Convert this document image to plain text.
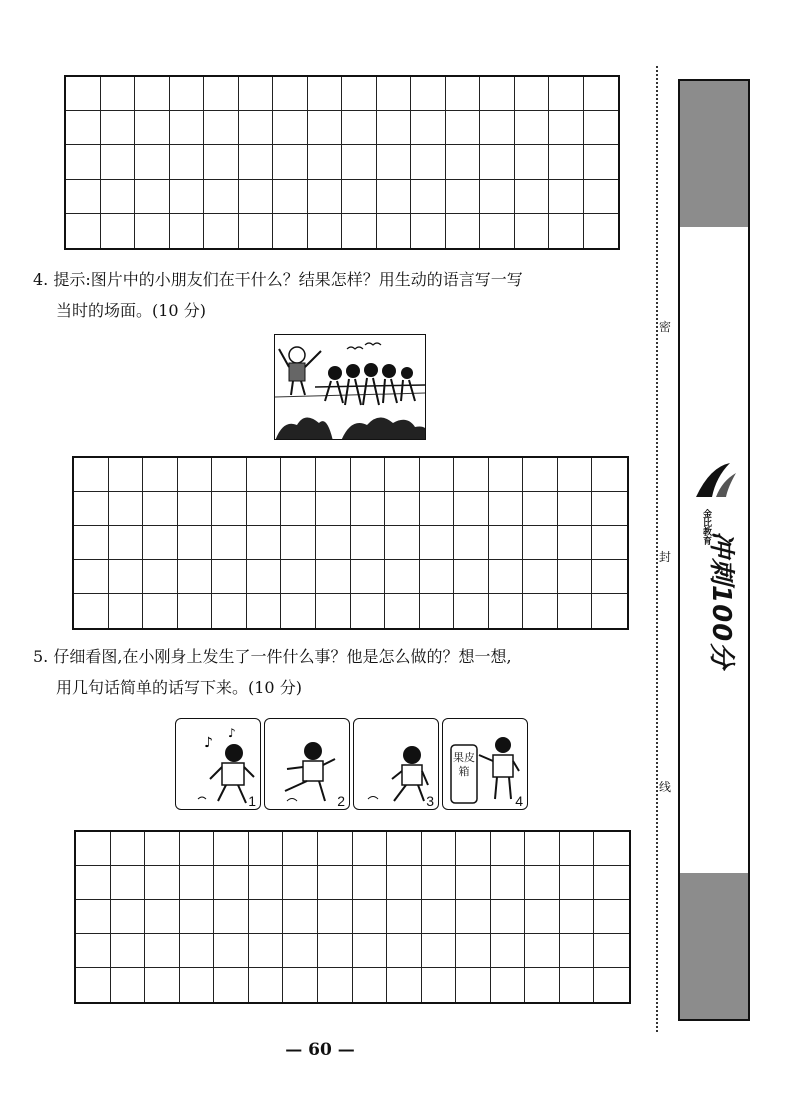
4. 提示:图片中的小朋友们在干什么？结果怎样？用生动的语言写一写
当时的场面。(10 分)
5. 仔细看图,在小刚身上发生了一件什么事？他是怎么做的？想一想,
用几句话简单的话写下来。(10 分)
♪
♪
1	2	3
果皮箱
4
密
封
线
金比教育
冲刺100分
— 60 —
